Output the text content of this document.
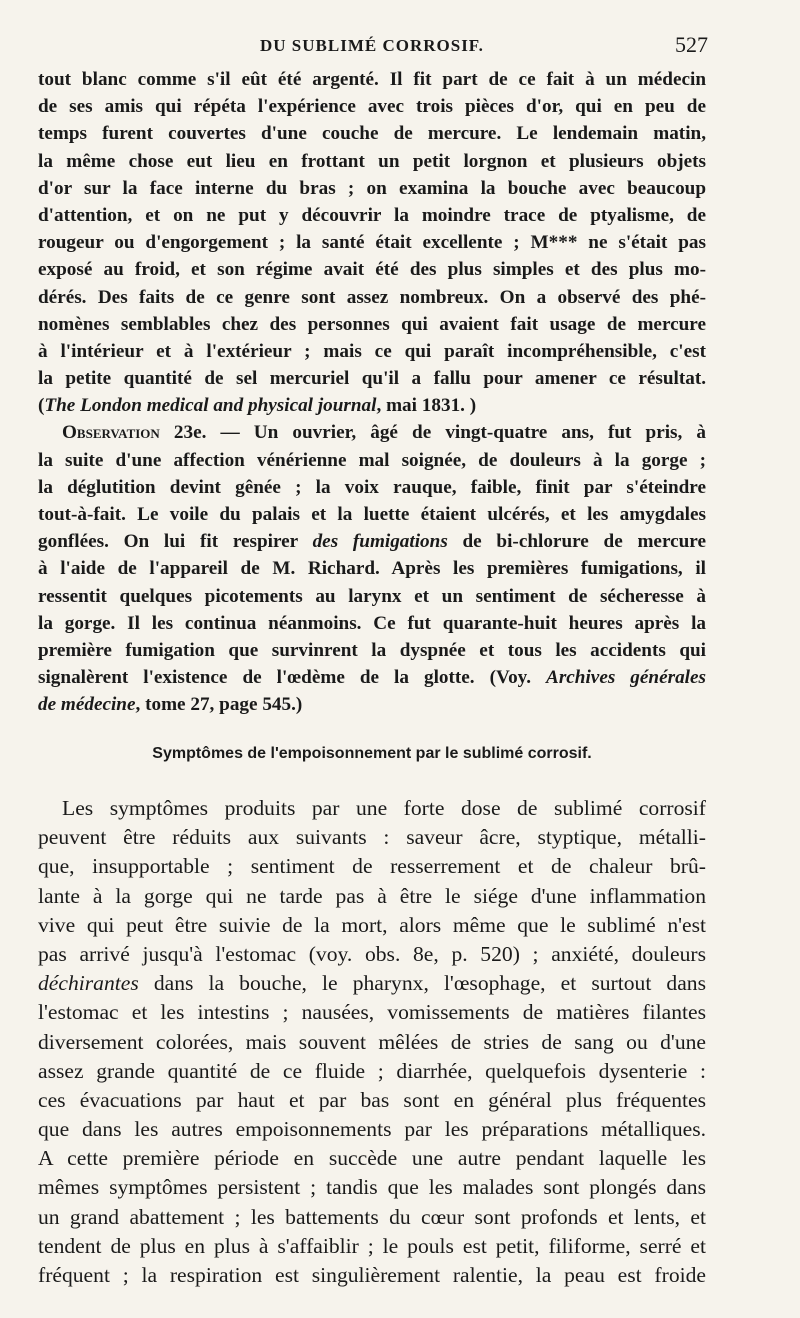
DU SUBLIMÉ CORROSIF.	527
tout blanc comme s'il eût été argenté. Il fit part de ce fait à un médecin
de ses amis qui répéta l'expérience avec trois pièces d'or, qui en peu de
temps furent couvertes d'une couche de mercure. Le lendemain matin,
la même chose eut lieu en frottant un petit lorgnon et plusieurs objets
d'or sur la face interne du bras ; on examina la bouche avec beaucoup
d'attention, et on ne put y découvrir la moindre trace de ptyalisme, de
rougeur ou d'engorgement ; la santé était excellente ; M*** ne s'était pas
exposé au froid, et son régime avait été des plus simples et des plus mo-
dérés. Des faits de ce genre sont assez nombreux. On a observé des phé-
nomènes semblables chez des personnes qui avaient fait usage de mercure
à l'intérieur et à l'extérieur ; mais ce qui paraît incompréhensible, c'est
la petite quantité de sel mercuriel qu'il a fallu pour amener ce résultat.
(The London medical and physical journal, mai 1831. )
Observation 23e. — Un ouvrier, âgé de vingt-quatre ans, fut pris, à
la suite d'une affection vénérienne mal soignée, de douleurs à la gorge ;
la déglutition devint gênée ; la voix rauque, faible, finit par s'éteindre
tout-à-fait. Le voile du palais et la luette étaient ulcérés, et les amygdales
gonflées. On lui fit respirer des fumigations de bi-chlorure de mercure
à l'aide de l'appareil de M. Richard. Après les premières fumigations, il
ressentit quelques picotements au larynx et un sentiment de sécheresse à
la gorge. Il les continua néanmoins. Ce fut quarante-huit heures après la
première fumigation que survinrent la dyspnée et tous les accidents qui
signalèrent l'existence de l'œdème de la glotte. (Voy. Archives générales
de médecine, tome 27, page 545.)
Symptômes de l'empoisonnement par le sublimé corrosif.
Les symptômes produits par une forte dose de sublimé corrosif
peuvent être réduits aux suivants : saveur âcre, styptique, métalli-
que, insupportable ; sentiment de resserrement et de chaleur brû-
lante à la gorge qui ne tarde pas à être le siége d'une inflammation
vive qui peut être suivie de la mort, alors même que le sublimé n'est
pas arrivé jusqu'à l'estomac (voy. obs. 8e, p. 520) ; anxiété, douleurs
déchirantes dans la bouche, le pharynx, l'œsophage, et surtout dans
l'estomac et les intestins ; nausées, vomissements de matières filantes
diversement colorées, mais souvent mêlées de stries de sang ou d'une
assez grande quantité de ce fluide ; diarrhée, quelquefois dysenterie :
ces évacuations par haut et par bas sont en général plus fréquentes
que dans les autres empoisonnements par les préparations métalliques.
A cette première période en succède une autre pendant laquelle les
mêmes symptômes persistent ; tandis que les malades sont plongés dans
un grand abattement ; les battements du cœur sont profonds et lents, et
tendent de plus en plus à s'affaiblir ; le pouls est petit, filiforme, serré et
fréquent ; la respiration est singulièrement ralentie, la peau est froide
